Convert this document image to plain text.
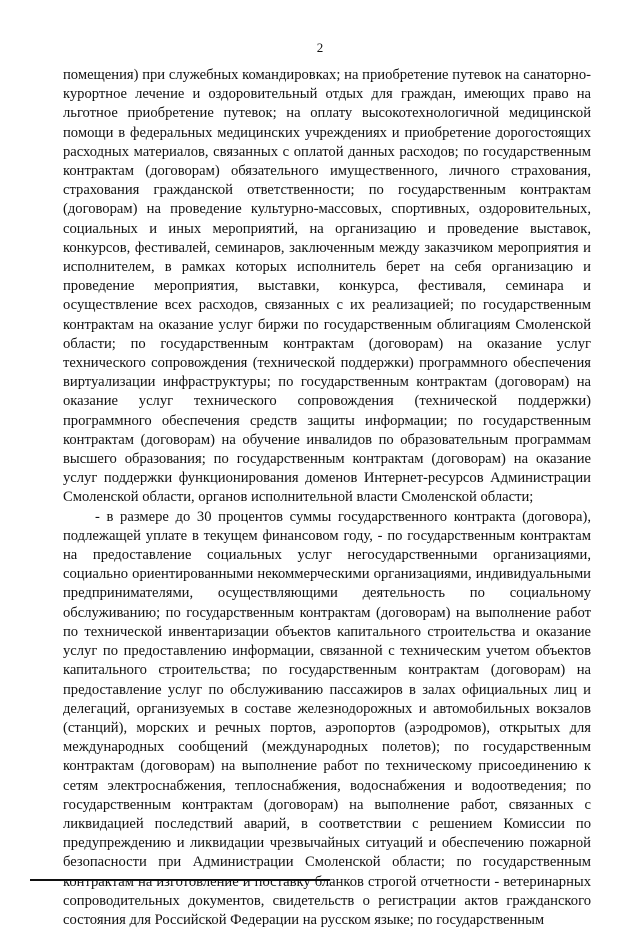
2

помещения) при служебных командировках; на приобретение путевок на санаторно-курортное лечение и оздоровительный отдых для граждан, имеющих право на льготное приобретение путевок; на оплату высокотехнологичной медицинской помощи в федеральных медицинских учреждениях и приобретение дорогостоящих расходных материалов, связанных с оплатой данных расходов; по государственным контрактам (договорам) обязательного имущественного, личного страхования, страхования гражданской ответственности; по государственным контрактам (договорам) на проведение культурно-массовых, спортивных, оздоровительных, социальных и иных мероприятий, на организацию и проведение выставок, конкурсов, фестивалей, семинаров, заключенным между заказчиком мероприятия и исполнителем, в рамках которых исполнитель берет на себя организацию и проведение мероприятия, выставки, конкурса, фестиваля, семинара и осуществление всех расходов, связанных с их реализацией; по государственным контрактам на оказание услуг биржи по государственным облигациям Смоленской области; по государственным контрактам (договорам) на оказание услуг технического сопровождения (технической поддержки) программного обеспечения виртуализации инфраструктуры; по государственным контрактам (договорам) на оказание услуг технического сопровождения (технической поддержки) программного обеспечения средств защиты информации; по государственным контрактам (договорам) на обучение инвалидов по образовательным программам высшего образования; по государственным контрактам (договорам) на оказание услуг поддержки функционирования доменов Интернет-ресурсов Администрации Смоленской области, органов исполнительной власти Смоленской области;

- в размере до 30 процентов суммы государственного контракта (договора), подлежащей уплате в текущем финансовом году, - по государственным контрактам на предоставление социальных услуг негосударственными организациями, социально ориентированными некоммерческими организациями, индивидуальными предпринимателями, осуществляющими деятельность по социальному обслуживанию; по государственным контрактам (договорам) на выполнение работ по технической инвентаризации объектов капитального строительства и оказание услуг по предоставлению информации, связанной с техническим учетом объектов капитального строительства; по государственным контрактам (договорам) на предоставление услуг по обслуживанию пассажиров в залах официальных лиц и делегаций, организуемых в составе железнодорожных и автомобильных вокзалов (станций), морских и речных портов, аэропортов (аэродромов), открытых для международных сообщений (международных полетов); по государственным контрактам (договорам) на выполнение работ по техническому присоединению к сетям электроснабжения, теплоснабжения, водоснабжения и водоотведения; по государственным контрактам (договорам) на выполнение работ, связанных с ликвидацией последствий аварий, в соответствии с решением Комиссии по предупреждению и ликвидации чрезвычайных ситуаций и обеспечению пожарной безопасности при Администрации Смоленской области; по государственным контрактам на изготовление и поставку бланков строгой отчетности - ветеринарных сопроводительных документов, свидетельств о регистрации актов гражданского состояния для Российской Федерации на русском языке; по государственным
